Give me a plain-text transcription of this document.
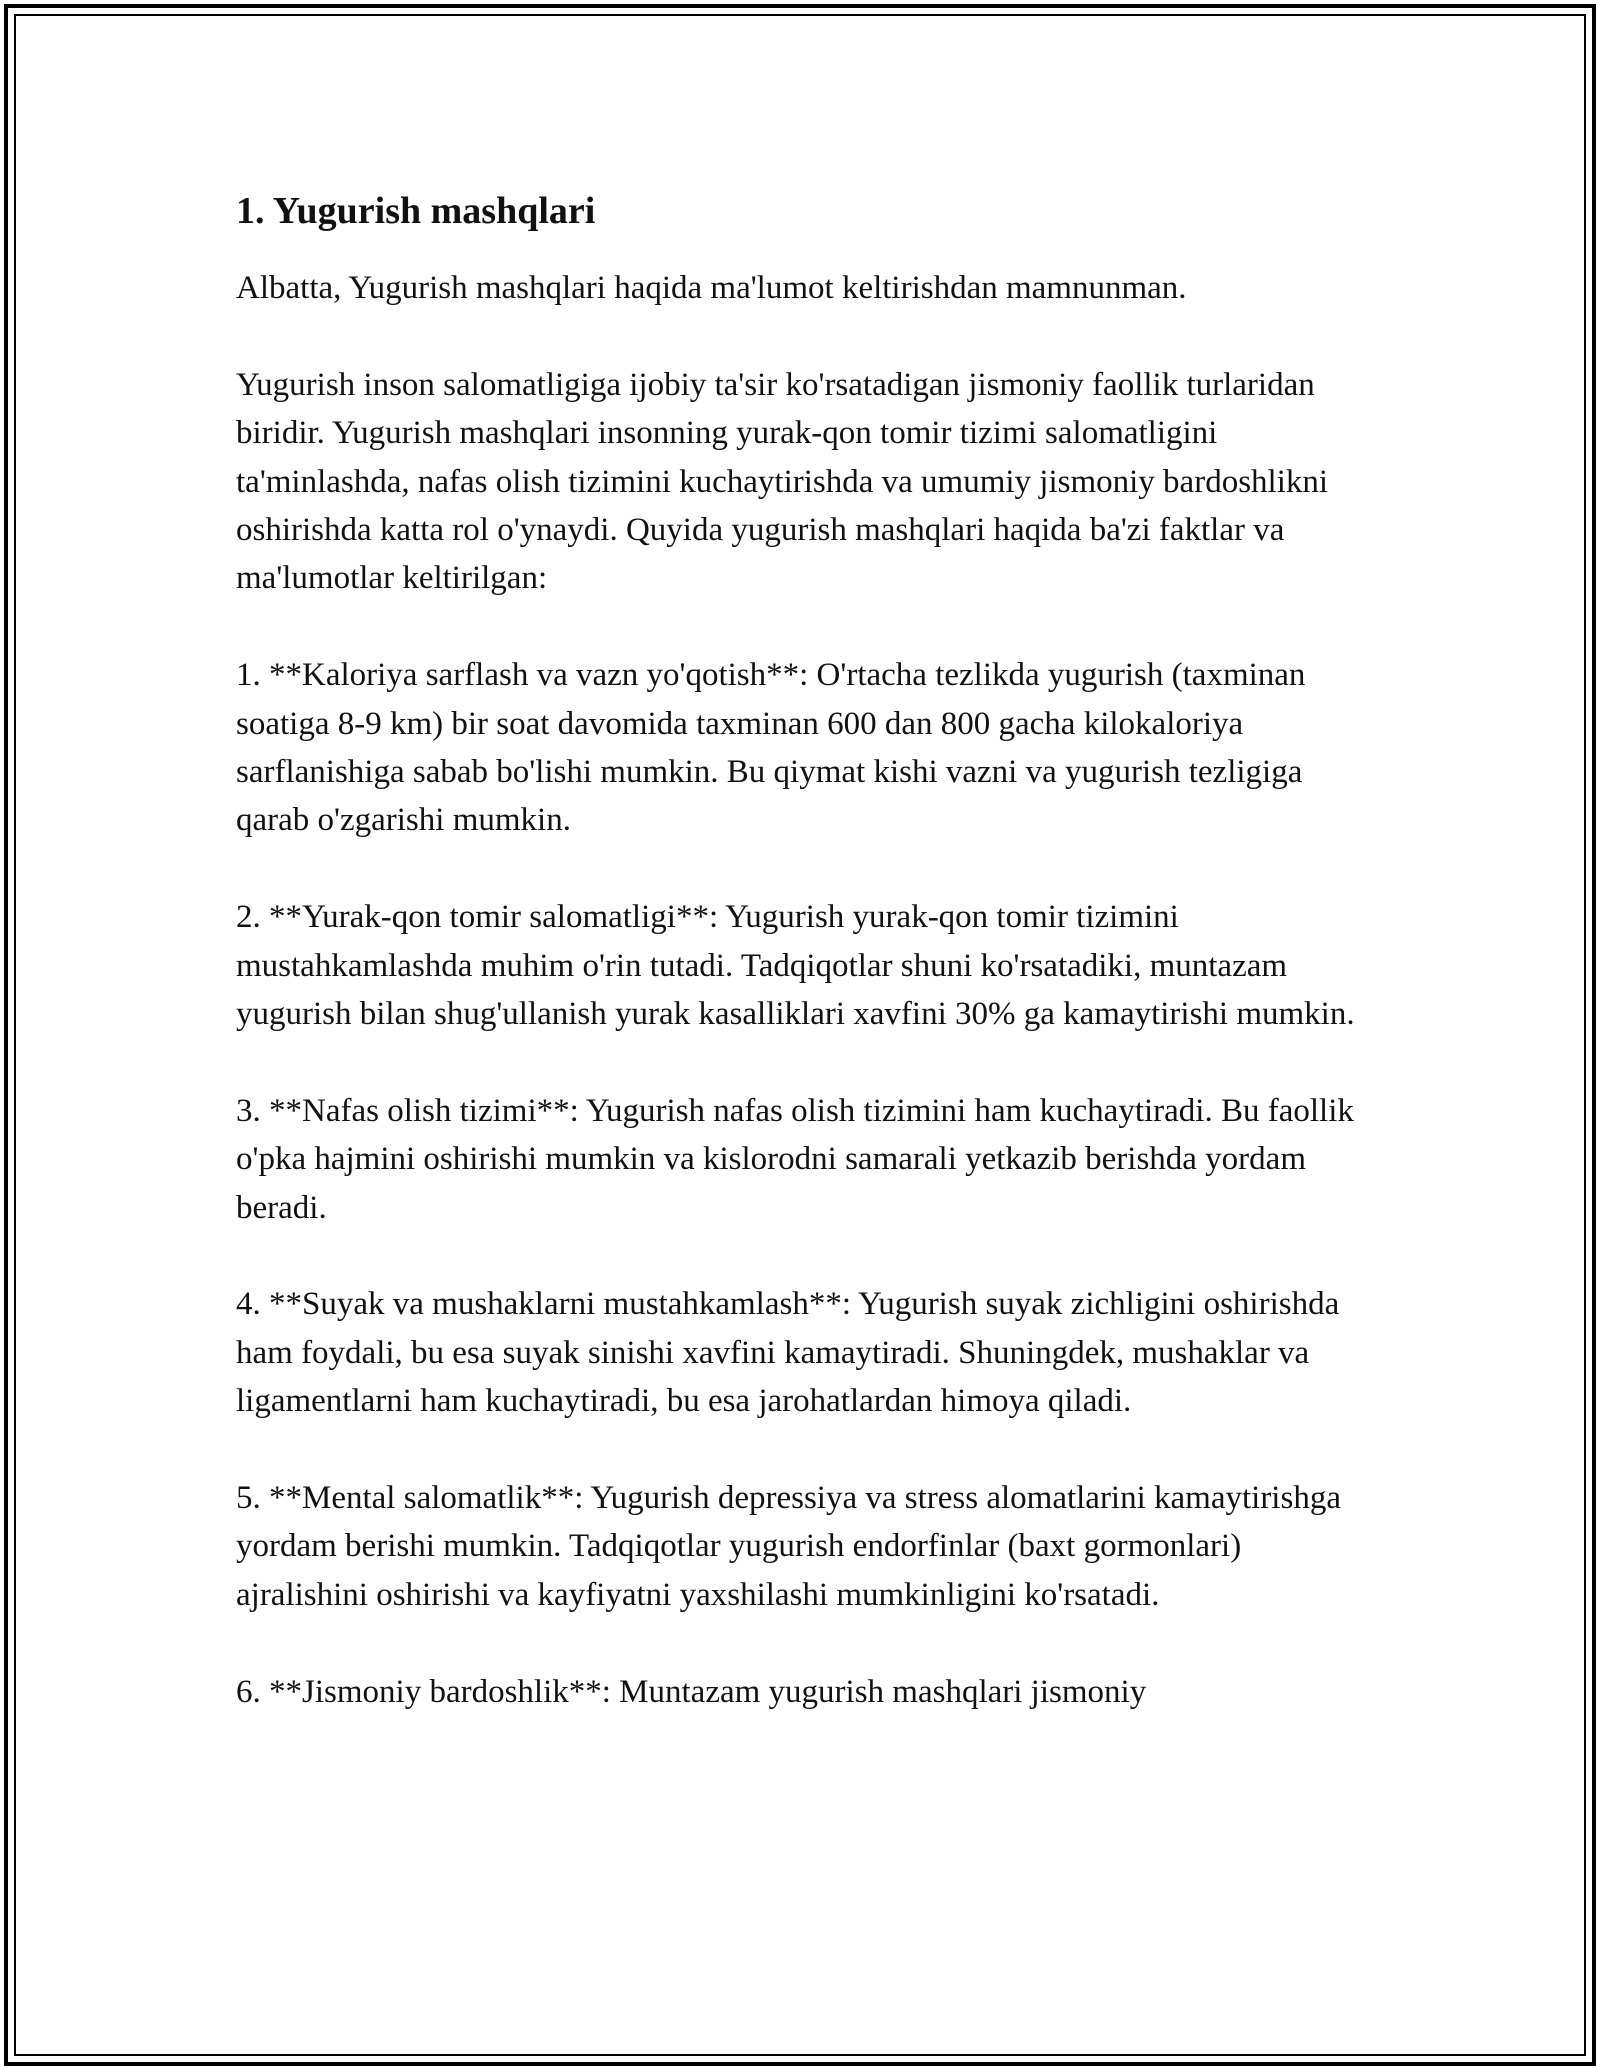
1. Yugurish mashqlari

Albatta, Yugurish mashqlari haqida ma'lumot keltirishdan mamnunman.

Yugurish inson salomatligiga ijobiy ta'sir ko'rsatadigan jismoniy faollik turlaridan biridir. Yugurish mashqlari insonning yurak-qon tomir tizimi salomatligini ta'minlashda, nafas olish tizimini kuchaytirishda va umumiy jismoniy bardoshlikni oshirishda katta rol o'ynaydi. Quyida yugurish mashqlari haqida ba'zi faktlar va ma'lumotlar keltirilgan:

1. **Kaloriya sarflash va vazn yo'qotish**: O'rtacha tezlikda yugurish (taxminan soatiga 8-9 km) bir soat davomida taxminan 600 dan 800 gacha kilokaloriya sarflanishiga sabab bo'lishi mumkin. Bu qiymat kishi vazni va yugurish tezligiga qarab o'zgarishi mumkin.

2. **Yurak-qon tomir salomatligi**: Yugurish yurak-qon tomir tizimini mustahkamlashda muhim o'rin tutadi. Tadqiqotlar shuni ko'rsatadiki, muntazam yugurish bilan shug'ullanish yurak kasalliklari xavfini 30% ga kamaytirishi mumkin.

3. **Nafas olish tizimi**: Yugurish nafas olish tizimini ham kuchaytiradi. Bu faollik o'pka hajmini oshirishi mumkin va kislorodni samarali yetkazib berishda yordam beradi.

4. **Suyak va mushaklarni mustahkamlash**: Yugurish suyak zichligini oshirishda ham foydali, bu esa suyak sinishi xavfini kamaytiradi. Shuningdek, mushaklar va ligamentlarni ham kuchaytiradi, bu esa jarohatlardan himoya qiladi.

5. **Mental salomatlik**: Yugurish depressiya va stress alomatlarini kamaytirishga yordam berishi mumkin. Tadqiqotlar yugurish endorfinlar (baxt gormonlari) ajralishini oshirishi va kayfiyatni yaxshilashi mumkinligini ko'rsatadi.

6. **Jismoniy bardoshlik**: Muntazam yugurish mashqlari jismoniy
